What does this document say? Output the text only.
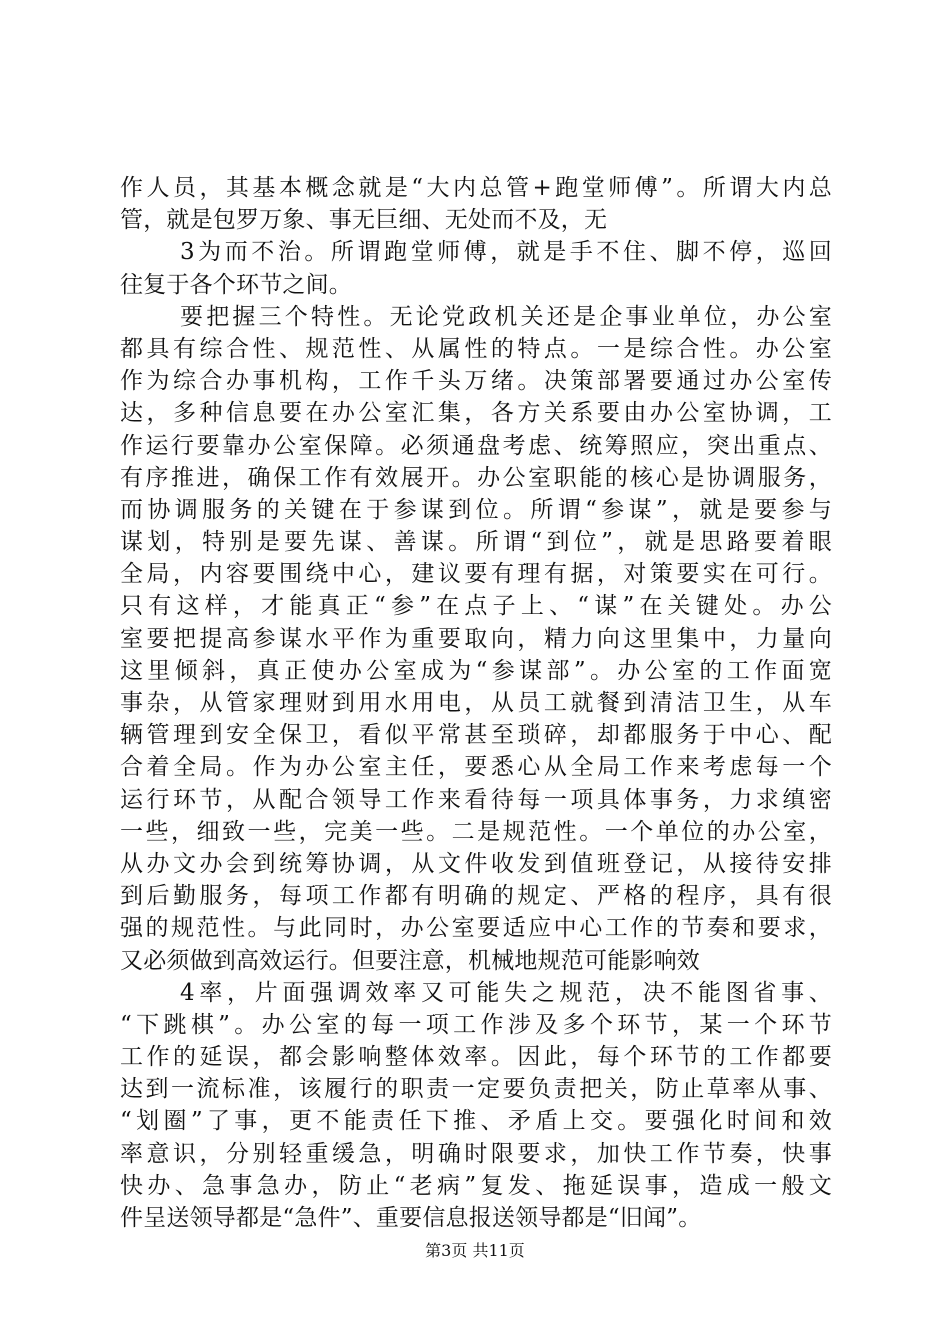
作人员，其基本概念就是“大内总管+跑堂师傅”。所谓大内总
管，就是包罗万象、事无巨细、无处而不及，无
3为而不治。所谓跑堂师傅，就是手不住、脚不停，巡回
往复于各个环节之间。
要把握三个特性。无论党政机关还是企事业单位，办公室
都具有综合性、规范性、从属性的特点。一是综合性。办公室
作为综合办事机构，工作千头万绪。决策部署要通过办公室传
达，多种信息要在办公室汇集，各方关系要由办公室协调，工
作运行要靠办公室保障。必须通盘考虑、统筹照应，突出重点、
有序推进，确保工作有效展开。办公室职能的核心是协调服务，
而协调服务的关键在于参谋到位。所谓“参谋”，就是要参与
谋划，特别是要先谋、善谋。所谓“到位”，就是思路要着眼
全局，内容要围绕中心，建议要有理有据，对策要实在可行。
只有这样，才能真正“参”在点子上、“谋”在关键处。办公
室要把提高参谋水平作为重要取向，精力向这里集中，力量向
这里倾斜，真正使办公室成为“参谋部”。办公室的工作面宽
事杂，从管家理财到用水用电，从员工就餐到清洁卫生，从车
辆管理到安全保卫，看似平常甚至琐碎，却都服务于中心、配
合着全局。作为办公室主任，要悉心从全局工作来考虑每一个
运行环节，从配合领导工作来看待每一项具体事务，力求缜密
一些，细致一些，完美一些。二是规范性。一个单位的办公室，
从办文办会到统筹协调，从文件收发到值班登记，从接待安排
到后勤服务，每项工作都有明确的规定、严格的程序，具有很
强的规范性。与此同时，办公室要适应中心工作的节奏和要求，
又必须做到高效运行。但要注意，机械地规范可能影响效
4率，片面强调效率又可能失之规范，决不能图省事、
“下跳棋”。办公室的每一项工作涉及多个环节，某一个环节
工作的延误，都会影响整体效率。因此，每个环节的工作都要
达到一流标准，该履行的职责一定要负责把关，防止草率从事、
“划圈”了事，更不能责任下推、矛盾上交。要强化时间和效
率意识，分别轻重缓急，明确时限要求，加快工作节奏，快事
快办、急事急办，防止“老病”复发、拖延误事，造成一般文
件呈送领导都是“急件”、重要信息报送领导都是“旧闻”。
第3页 共11页
